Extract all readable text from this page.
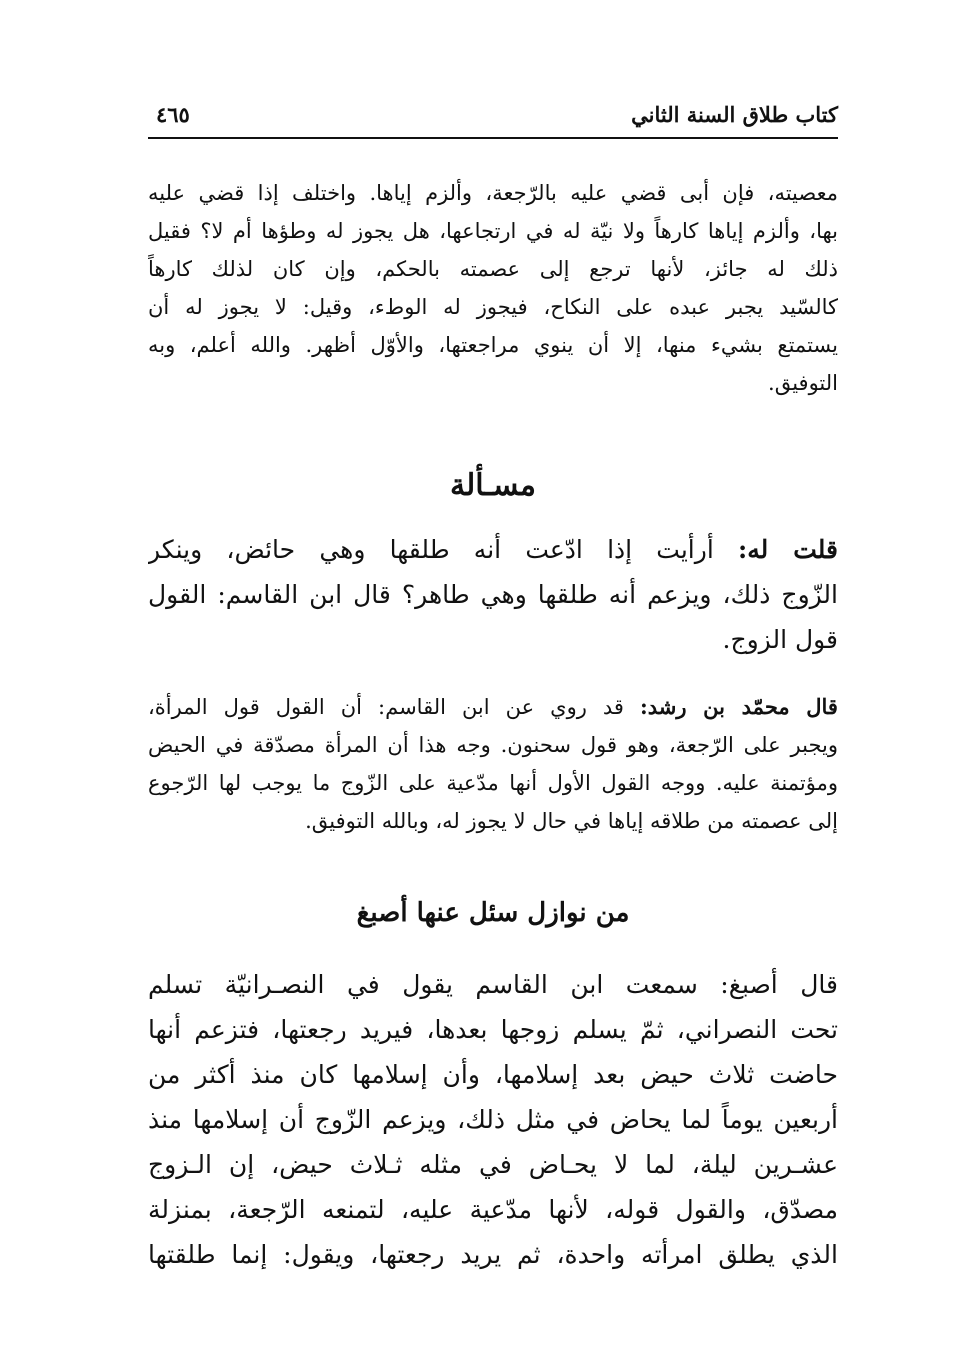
كتاب طلاق السنة الثاني
٤٦٥
معصيته، فإن أبى قضي عليه بالرّجعة، وألزم إياها. واختلف إذا قضي عليه
بها، وألزم إياها كارهاً ولا نيّة له في ارتجاعها، هل يجوز له وطؤها أم لا؟ فقيل
ذلك له جائز، لأنها ترجع إلى عصمته بالحكم، وإن كان لذلك كارهاً
كالسّيد يجبر عبده على النكاح، فيجوز له الوطء، وقيل: لا يجوز له أن
يستمتع بشيء منها، إلا أن ينوي مراجعتها، والأوّل أظهر. والله أعلم، وبه
التوفيق.
مسـألة
قلت له: أرأيت إذا ادّعت أنه طلقها وهي حائض، وينكر
الزّوج ذلك، ويزعم أنه طلقها وهي طاهر؟ قال ابن القاسم: القول
قول الزوج.
قال محمّد بن رشد: قد روي عن ابن القاسم: أن القول قول المرأة،
ويجبر على الرّجعة، وهو قول سحنون. وجه هذا أن المرأة مصدّقة في الحيض
ومؤتمنة عليه. ووجه القول الأول أنها مدّعية على الزّوج ما يوجب لها الرّجوع
إلى عصمته من طلاقه إياها في حال لا يجوز له، وبالله التوفيق.
من نوازل سئل عنها أصبغ
قال أصبغ: سمعت ابن القاسم يقول في النصـرانيّة تسلم
تحت النصراني، ثمّ يسلم زوجها بعدها، فيريد رجعتها، فتزعم أنها
حاضت ثلاث حيض بعد إسلامها، وأن إسلامها كان منذ أكثر من
أربعين يوماً لما يحاض في مثل ذلك، ويزعم الزّوج أن إسلامها منذ
عشـرين ليلة، لما لا يحـاض في مثله ثـلاث حيض، إن الـزوج
مصدّق، والقول قوله، لأنها مدّعية عليه، لتمنعه الرّجعة، بمنزلة
الذي يطلق امرأته واحدة، ثم يريد رجعتها، ويقول: إنما طلقتها
